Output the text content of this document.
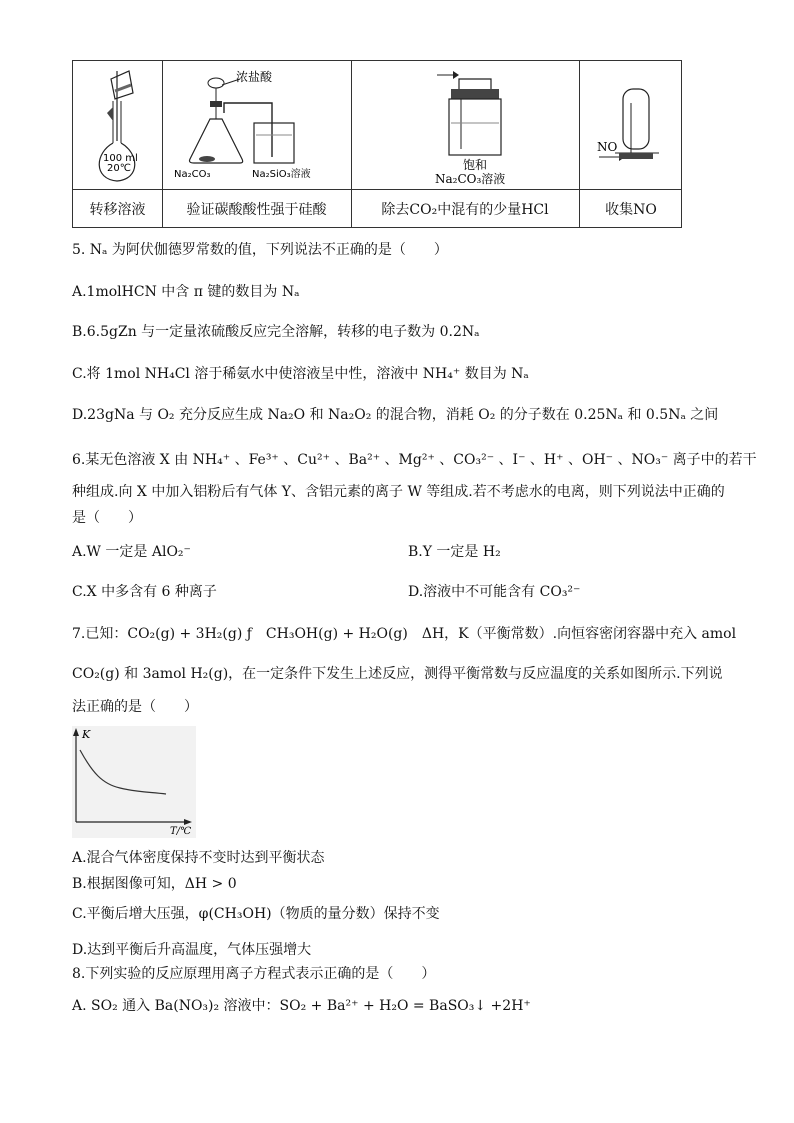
100 ml
20℃
浓盐酸
Na₂CO₃	Na₂SiO₃溶液
饱和
Na₂CO₃溶液
NO
转移溶液	验证碳酸酸性强于硅酸	除去CO₂中混有的少量HCl	收集NO
5. Nₐ 为阿伏伽德罗常数的值，下列说法不正确的是（　　）
A.1molHCN 中含 π 键的数目为 Nₐ
B.6.5gZn 与一定量浓硫酸反应完全溶解，转移的电子数为 0.2Nₐ
C.将 1mol NH₄Cl 溶于稀氨水中使溶液呈中性，溶液中 NH₄⁺ 数目为 Nₐ
D.23gNa 与 O₂ 充分反应生成 Na₂O 和 Na₂O₂ 的混合物，消耗 O₂ 的分子数在 0.25Nₐ 和 0.5Nₐ 之间
6.某无色溶液 X 由 NH₄⁺ 、Fe³⁺ 、Cu²⁺ 、Ba²⁺ 、Mg²⁺ 、CO₃²⁻ 、I⁻ 、H⁺ 、OH⁻ 、NO₃⁻ 离子中的若干
种组成.向 X 中加入铝粉后有气体 Y、含铝元素的离子 W 等组成.若不考虑水的电离，则下列说法中正确的
是（　　）
A.W 一定是 AlO₂⁻	B.Y 一定是 H₂
C.X 中多含有 6 种离子	D.溶液中不可能含有 CO₃²⁻
7.已知：CO₂(g) + 3H₂(g) ƒ　CH₃OH(g) + H₂O(g)　ΔH，K（平衡常数）.向恒容密闭容器中充入 amol
CO₂(g) 和 3amol H₂(g)，在一定条件下发生上述反应，测得平衡常数与反应温度的关系如图所示.下列说
法正确的是（　　）
K
T/℃
A.混合气体密度保持不变时达到平衡状态
B.根据图像可知，ΔH > 0
C.平衡后增大压强，φ(CH₃OH)（物质的量分数）保持不变
D.达到平衡后升高温度，气体压强增大
8.下列实验的反应原理用离子方程式表示正确的是（　　）
A. SO₂ 通入 Ba(NO₃)₂ 溶液中：SO₂ + Ba²⁺ + H₂O = BaSO₃↓ +2H⁺
